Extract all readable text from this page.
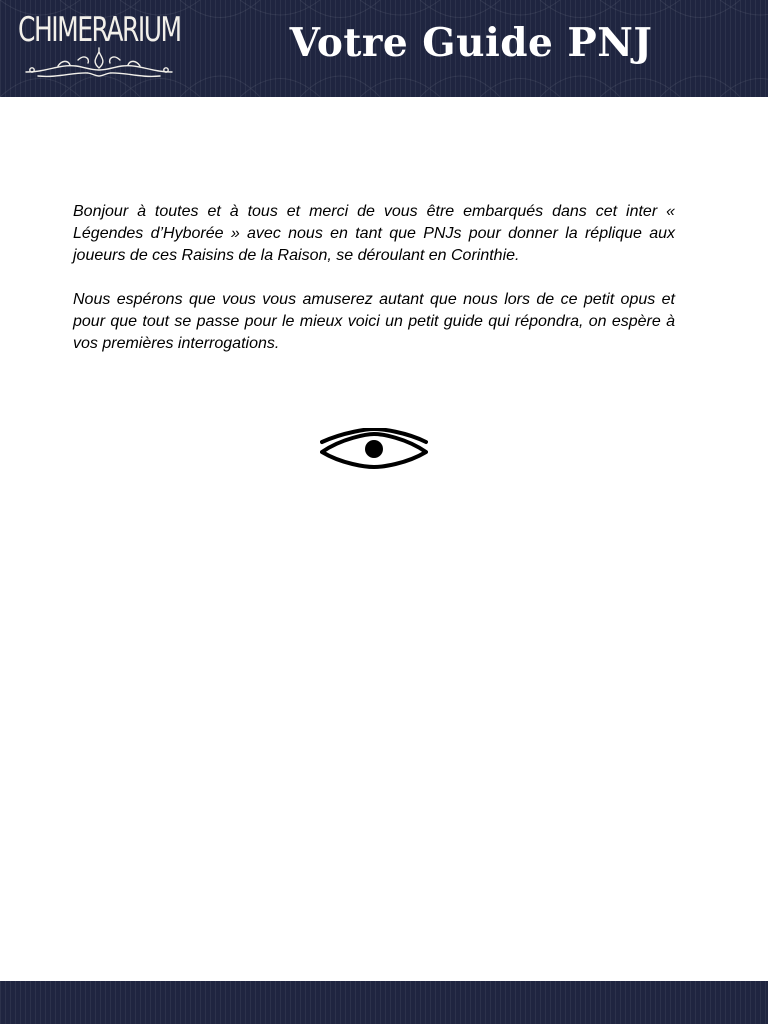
CHIMERARIUM	Votre Guide PNJ

Bonjour à toutes et à tous et merci de vous être embarqués dans cet inter « Légendes d’Hyborée » avec nous en tant que PNJs pour donner la réplique aux joueurs de ces Raisins de la Raison, se déroulant en Corinthie.

Nous espérons que vous vous amuserez autant que nous lors de ce petit opus et pour que tout se passe pour le mieux voici un petit guide qui répondra, on espère à vos premières interrogations.
